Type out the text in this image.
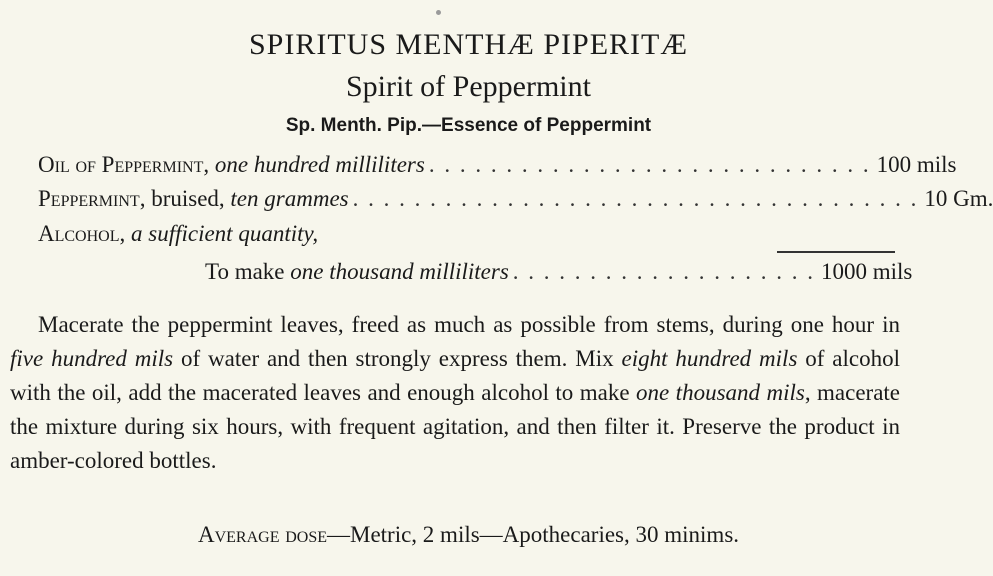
SPIRITUS MENTHÆ PIPERITÆ
Spirit of Peppermint
Sp. Menth. Pip.—Essence of Peppermint
Oil of Peppermint, one hundred milliliters . . . . . . . . . . . . . . . . . . . . . . . . . . . . . 100 mils
Peppermint, bruised, ten grammes . . . . . . . . . . . . . . . . . . . . . . . . . . . . . . . . . . . . . 10 Gm.
Alcohol, a sufficient quantity,
To make one thousand milliliters . . . . . . . . . . . . . . . . . . . . 1000 mils

Macerate the peppermint leaves, freed as much as possible from stems, during one hour in five hundred mils of water and then strongly express them. Mix eight hundred mils of alcohol with the oil, add the macerated leaves and enough alcohol to make one thousand mils, macerate the mixture during six hours, with frequent agitation, and then filter it. Preserve the product in amber-colored bottles.

Average dose—Metric, 2 mils—Apothecaries, 30 minims.
